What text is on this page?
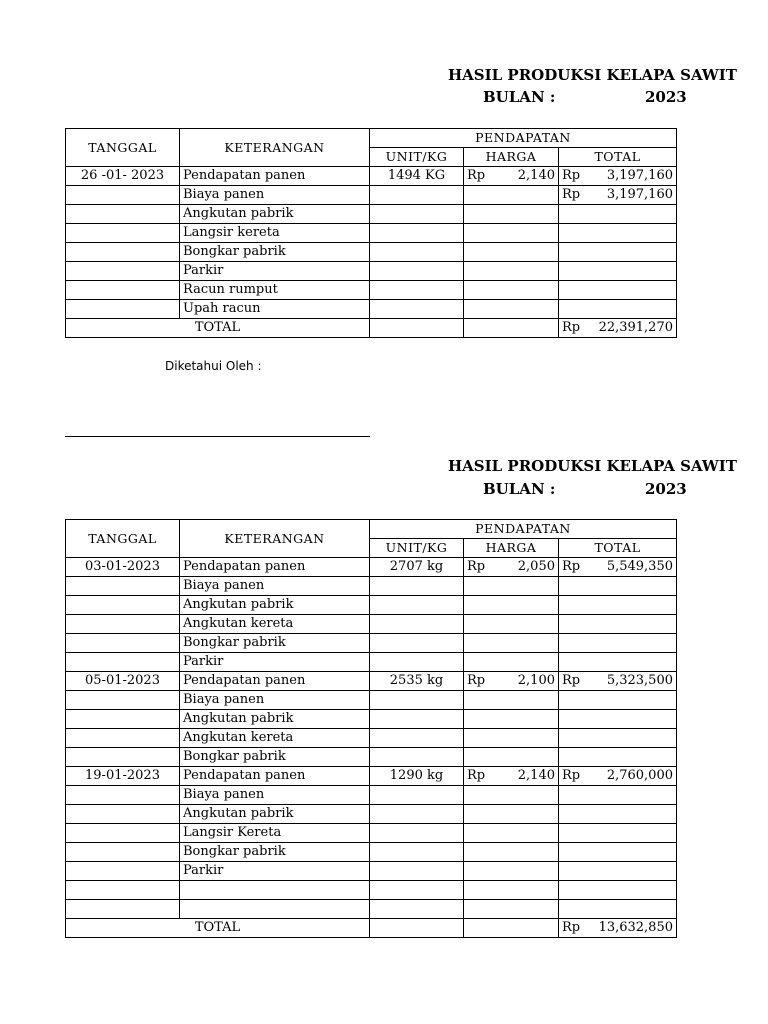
HASIL PRODUKSI KELAPA SAWIT
BULAN :	2023
TANGGAL	KETERANGAN	PENDAPATAN		
		UNIT/KG	HARGA	TOTAL
26 -01- 2023	Pendapatan panen	1494 KG	Rp 2,140	Rp 3,197,160

	Biaya panen			Rp 3,197,160

	Angkutan pabrik		

	Langsir kereta		

	Bongkar pabrik		

	Parkir		

	Racun rumput		

	Upah racun		

TOTAL				Rp 22,391,270
Diketahui Oleh :
HASIL PRODUKSI KELAPA SAWIT
BULAN :	2023
TANGGAL	KETERANGAN	PENDAPATAN		
		UNIT/KG	HARGA	TOTAL
03-01-2023	Pendapatan panen	2707 kg	Rp 2,050	Rp 5,549,350

	Biaya panen		

	Angkutan pabrik		

	Angkutan kereta		

	Bongkar pabrik		

	Parkir		

05-01-2023	Pendapatan panen	2535 kg	Rp 2,100	Rp 5,323,500

	Biaya panen		

	Angkutan pabrik		

	Angkutan kereta		

	Bongkar pabrik		

19-01-2023	Pendapatan panen	1290 kg	Rp 2,140	Rp 2,760,000

	Biaya panen		

	Angkutan pabrik		

	Langsir Kereta		

	Bongkar pabrik		

	Parkir		

TOTAL				Rp 13,632,850
